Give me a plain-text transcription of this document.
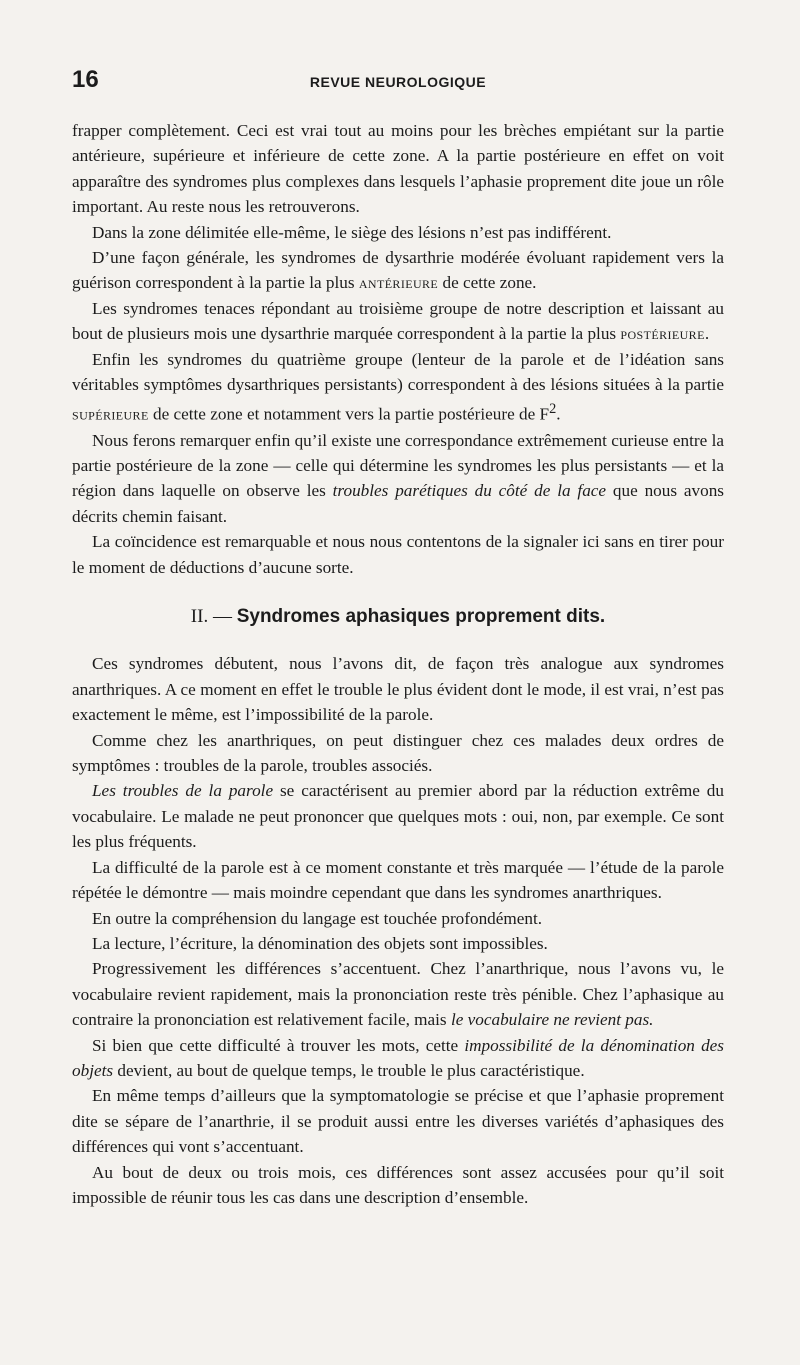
16	REVUE NEUROLOGIQUE

frapper complètement. Ceci est vrai tout au moins pour les brèches empiétant sur la partie antérieure, supérieure et inférieure de cette zone. A la partie postérieure en effet on voit apparaître des syndromes plus complexes dans lesquels l’aphasie proprement dite joue un rôle important. Au reste nous les retrouverons.

Dans la zone délimitée elle-même, le siège des lésions n’est pas indifférent.

D’une façon générale, les syndromes de dysarthrie modérée évoluant rapidement vers la guérison correspondent à la partie la plus antérieure de cette zone.

Les syndromes tenaces répondant au troisième groupe de notre description et laissant au bout de plusieurs mois une dysarthrie marquée correspondent à la partie la plus postérieure.

Enfin les syndromes du quatrième groupe (lenteur de la parole et de l’idéation sans véritables symptômes dysarthriques persistants) correspondent à des lésions situées à la partie supérieure de cette zone et notamment vers la partie postérieure de $F^2$.

Nous ferons remarquer enfin qu’il existe une correspondance extrêmement curieuse entre la partie postérieure de la zone — celle qui détermine les syndromes les plus persistants — et la région dans laquelle on observe les troubles parétiques du côté de la face que nous avons décrits chemin faisant.

La coïncidence est remarquable et nous nous contentons de la signaler ici sans en tirer pour le moment de déductions d’aucune sorte.

II. — Syndromes aphasiques proprement dits.

Ces syndromes débutent, nous l’avons dit, de façon très analogue aux syndromes anarthriques. A ce moment en effet le trouble le plus évident dont le mode, il est vrai, n’est pas exactement le même, est l’impossibilité de la parole.

Comme chez les anarthriques, on peut distinguer chez ces malades deux ordres de symptômes : troubles de la parole, troubles associés.

Les troubles de la parole se caractérisent au premier abord par la réduction extrême du vocabulaire. Le malade ne peut prononcer que quelques mots : oui, non, par exemple. Ce sont les plus fréquents.

La difficulté de la parole est à ce moment constante et très marquée — l’étude de la parole répétée le démontre — mais moindre cependant que dans les syndromes anarthriques.

En outre la compréhension du langage est touchée profondément.

La lecture, l’écriture, la dénomination des objets sont impossibles.

Progressivement les différences s’accentuent. Chez l’anarthrique, nous l’avons vu, le vocabulaire revient rapidement, mais la prononciation reste très pénible. Chez l’aphasique au contraire la prononciation est relativement facile, mais le vocabulaire ne revient pas.

Si bien que cette difficulté à trouver les mots, cette impossibilité de la dénomination des objets devient, au bout de quelque temps, le trouble le plus caractéristique.

En même temps d’ailleurs que la symptomatologie se précise et que l’aphasie proprement dite se sépare de l’anarthrie, il se produit aussi entre les diverses variétés d’aphasiques des différences qui vont s’accentuant.

Au bout de deux ou trois mois, ces différences sont assez accusées pour qu’il soit impossible de réunir tous les cas dans une description d’ensemble.
